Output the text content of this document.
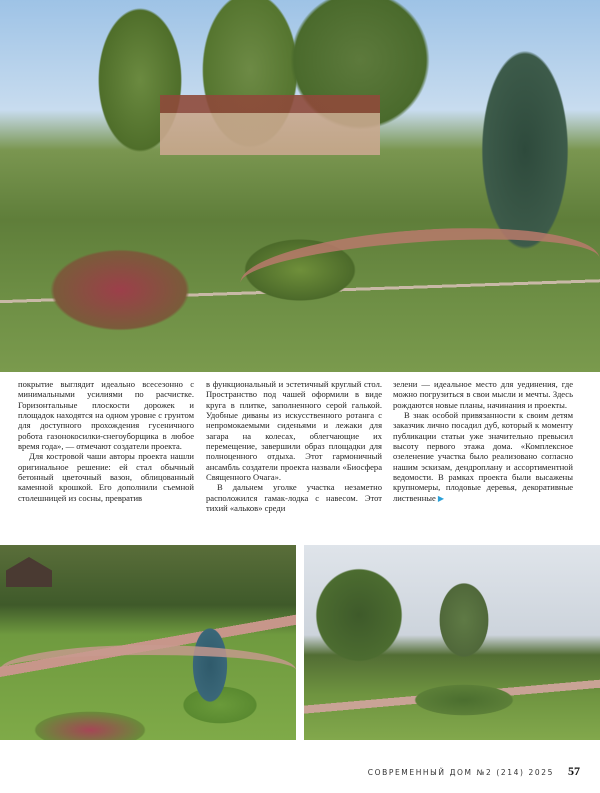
покрытие выглядит идеально всесезонно с минимальными усилиями по расчистке. Горизонтальные плоскости дорожек и площадок находятся на одном уровне с грунтом для доступного прохождения гусеничного робота газонокосилки-снегоуборщика в любое время года», — отмечают создатели проекта.

Для костровой чаши авторы проекта нашли оригинальное решение: ей стал обычный бетонный цветочный вазон, облицованный каменной крошкой. Его дополнили съемной столешницей из сосны, превратив

в функциональный и эстетичный круглый стол. Пространство под чашей оформили в виде круга в плитке, заполненного серой галькой. Удобные диваны из искусственного ротанга с непромокаемыми сиденьями и лежаки для загара на колесах, облегчающие их перемещение, завершили образ площадки для полноценного отдыха. Этот гармоничный ансамбль создатели проекта назвали «Биосфера Священного Очага».

В дальнем уголке участка незаметно расположился гамак-лодка с навесом. Этот тихий «альков» среди

зелени — идеальное место для уединения, где можно погрузиться в свои мысли и мечты. Здесь рождаются новые планы, начинания и проекты.

В знак особой привязанности к своим детям заказчик лично посадил дуб, который к моменту публикации статьи уже значительно превысил высоту первого этажа дома. «Комплексное озеленение участка было реализовано согласно нашим эскизам, дендроплану и ассортиментной ведомости. В рамках проекта были высажены крупномеры, плодовые деревья, декоративные лиственные ▶

СОВРЕМЕННЫЙ ДОМ №2 (214) 2025 57
